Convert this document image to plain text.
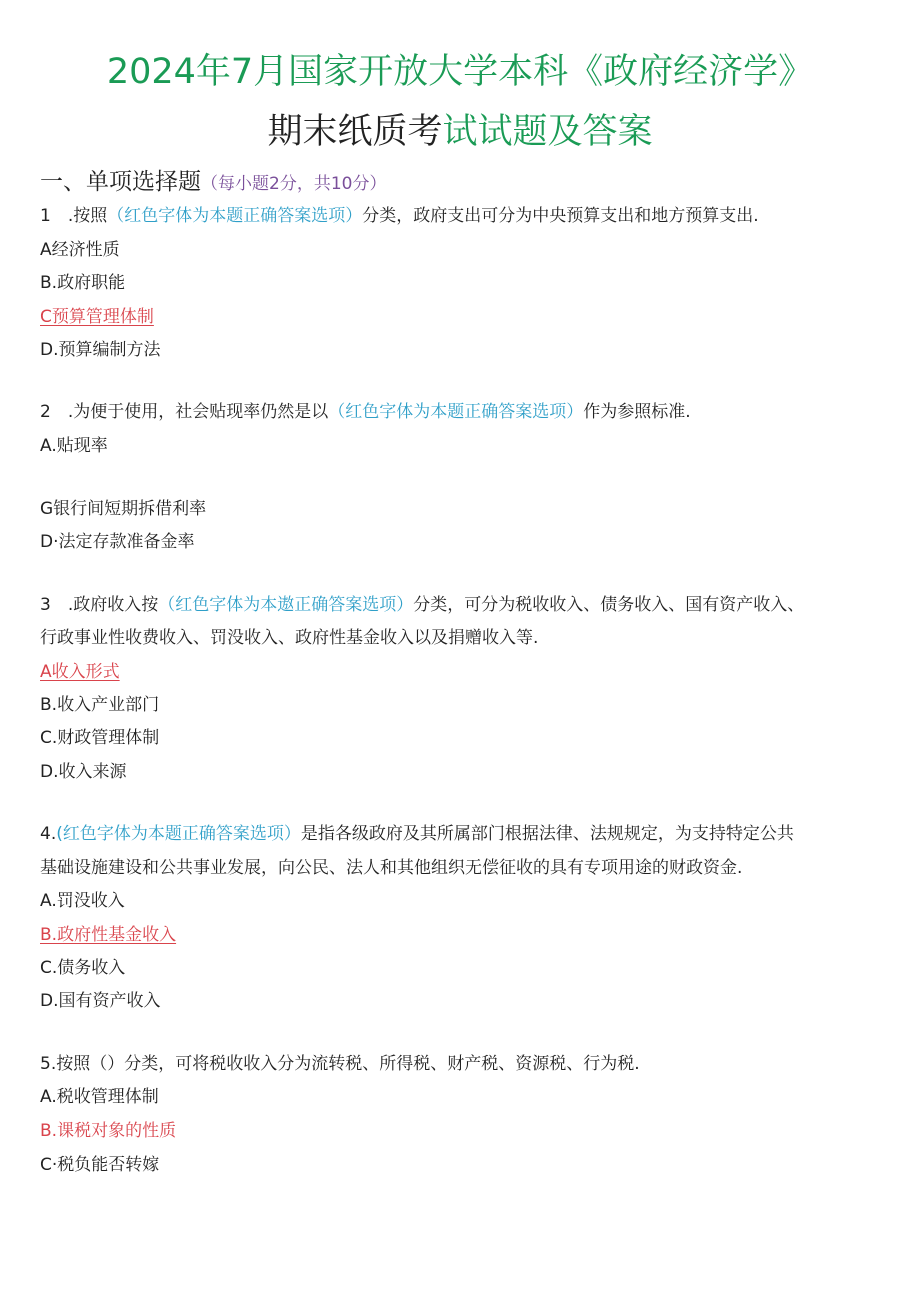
2024年7月国家开放大学本科《政府经济学》
期末纸质考试试题及答案
一、单项选择题（每小题2分，共10分）
1　.按照（红色字体为本题正确答案选项）分类，政府支出可分为中央预算支出和地方预算支出.
A经济性质
B.政府职能
C预算管理体制
D.预算编制方法
2　.为便于使用，社会贴现率仍然是以（红色字体为本题正确答案选项）作为参照标准.
A.贴现率
G银行间短期拆借利率
D·法定存款准备金率
3　.政府收入按（红色字体为本遨正确答案选项）分类，可分为税收收入、债务收入、国有资产收入、
行政事业性收费收入、罚没收入、政府性基金收入以及捐赠收入等.
A收入形式
B.收入产业部门
C.财政管理体制
D.收入来源
4.(红色字体为本题正确答案选项）是指各级政府及其所属部门根据法律、法规规定，为支持特定公共
基础设施建设和公共事业发展，向公民、法人和其他组织无偿征收的具有专项用途的财政资金.
A.罚没收入
B.政府性基金收入
C.债务收入
D.国有资产收入
5.按照（）分类，可将税收收入分为流转税、所得税、财产税、资源税、行为税.
A.税收管理体制
B.课税对象的性质
C·税负能否转嫁
